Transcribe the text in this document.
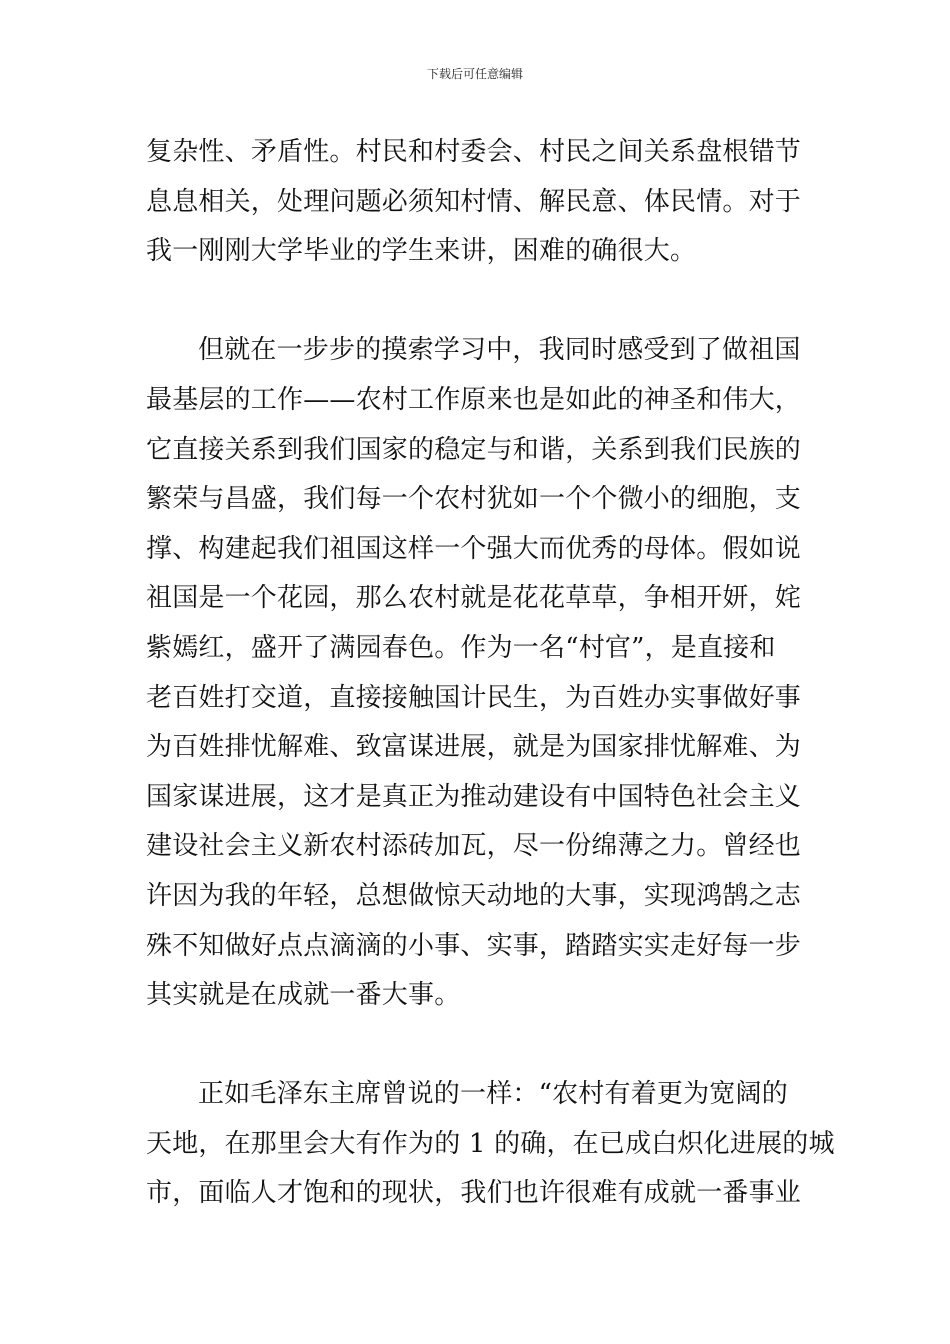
下载后可任意编辑
复杂性、矛盾性。村民和村委会、村民之间关系盘根错节
息息相关，处理问题必须知村情、解民意、体民情。对于
我一刚刚大学毕业的学生来讲，困难的确很大。
但就在一步步的摸索学习中，我同时感受到了做祖国
最基层的工作——农村工作原来也是如此的神圣和伟大，
它直接关系到我们国家的稳定与和谐，关系到我们民族的
繁荣与昌盛，我们每一个农村犹如一个个微小的细胞，支
撑、构建起我们祖国这样一个强大而优秀的母体。假如说
祖国是一个花园，那么农村就是花花草草，争相开妍，姹
紫嫣红，盛开了满园春色。作为一名“村官”，是直接和
老百姓打交道，直接接触国计民生，为百姓办实事做好事
为百姓排忧解难、致富谋进展，就是为国家排忧解难、为
国家谋进展，这才是真正为推动建设有中国特色社会主义
建设社会主义新农村添砖加瓦，尽一份绵薄之力。曾经也
许因为我的年轻，总想做惊天动地的大事，实现鸿鹄之志
殊不知做好点点滴滴的小事、实事，踏踏实实走好每一步
其实就是在成就一番大事。
正如毛泽东主席曾说的一样：“农村有着更为宽阔的
天地，在那里会大有作为的 1 的确，在已成白炽化进展的城
市，面临人才饱和的现状，我们也许很难有成就一番事业
